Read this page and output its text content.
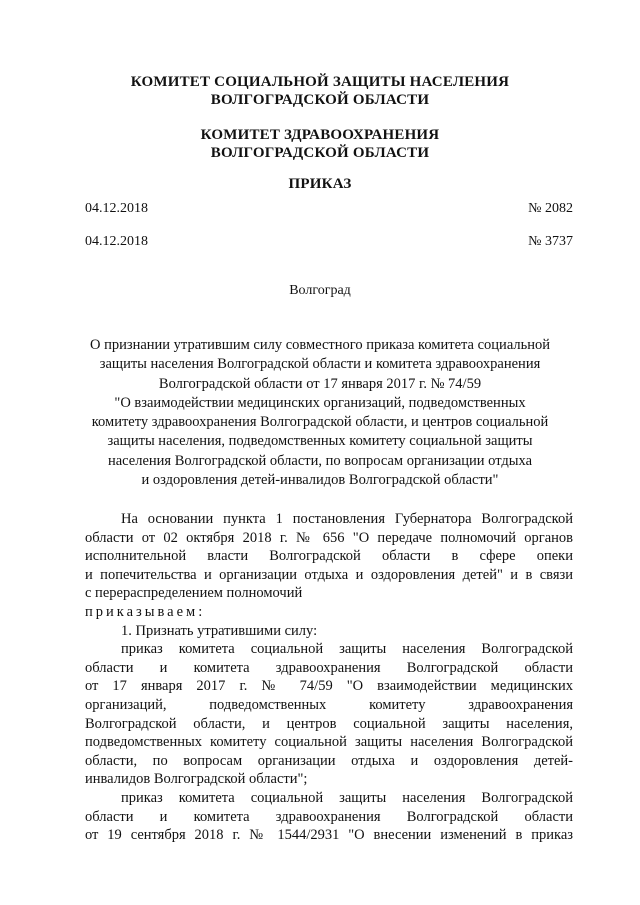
КОМИТЕТ СОЦИАЛЬНОЙ ЗАЩИТЫ НАСЕЛЕНИЯ
ВОЛГОГРАДСКОЙ ОБЛАСТИ
КОМИТЕТ ЗДРАВООХРАНЕНИЯ
ВОЛГОГРАДСКОЙ ОБЛАСТИ
ПРИКАЗ
04.12.2018	№ 2082
04.12.2018	№ 3737
Волгоград
О признании утратившим силу совместного приказа комитета социальной
защиты населения Волгоградской области и комитета здравоохранения
Волгоградской области от 17 января 2017 г. № 74/59
"О взаимодействии медицинских организаций, подведомственных
комитету здравоохранения Волгоградской области, и центров социальной
защиты населения, подведомственных комитету социальной защиты
населения Волгоградской области, по вопросам организации отдыха
и оздоровления детей-инвалидов Волгоградской области"

На основании пункта 1 постановления Губернатора Волгоградской

области от 02 октября 2018 г. № 656 "О передаче полномочий органов

исполнительной власти Волгоградской области в сфере опеки

и попечительства и организации отдыха и оздоровления детей" и в связи

с перераспределением полномочий

приказываем:

1. Признать утратившими силу:

приказ комитета социальной защиты населения Волгоградской

области и комитета здравоохранения Волгоградской области

от 17 января 2017 г. № 74/59 "О взаимодействии медицинских

организаций, подведомственных комитету здравоохранения

Волгоградской области, и центров социальной защиты населения,

подведомственных комитету социальной защиты населения Волгоградской

области, по вопросам организации отдыха и оздоровления детей-

инвалидов Волгоградской области";

приказ комитета социальной защиты населения Волгоградской

области и комитета здравоохранения Волгоградской области

от 19 сентября 2018 г. № 1544/2931 "О внесении изменений в приказ
